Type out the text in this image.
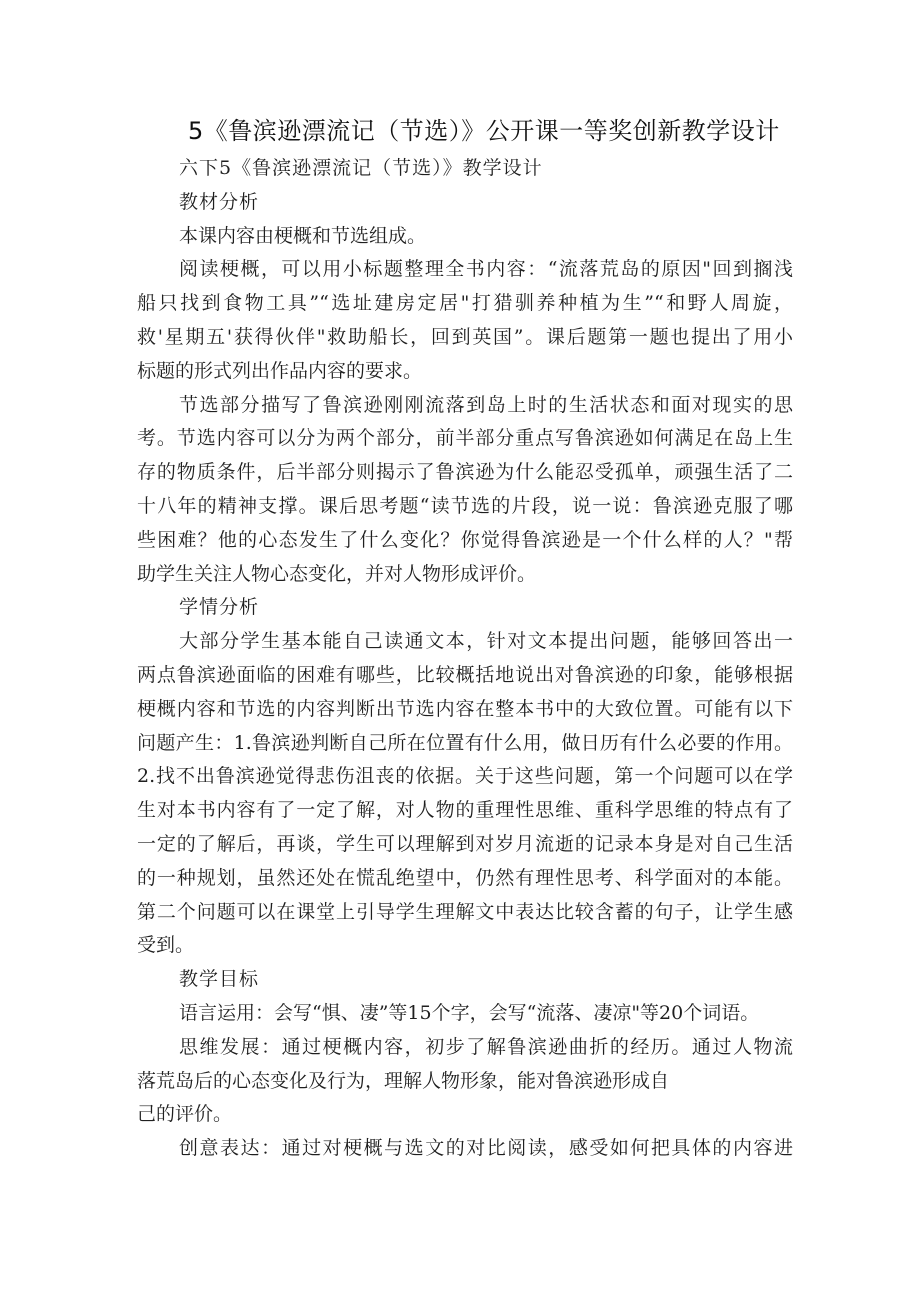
5《鲁滨逊漂流记（节选）》公开课一等奖创新教学设计
六下5《鲁滨逊漂流记（节选）》教学设计
教材分析
本课内容由梗概和节选组成。
阅读梗概，可以用小标题整理全书内容：“流落荒岛的原因"回到搁浅
船只找到食物工具”“选址建房定居"打猎驯养种植为生”“和野人周旋，
救'星期五'获得伙伴"救助船长，回到英国”。课后题第一题也提出了用小
标题的形式列出作品内容的要求。
节选部分描写了鲁滨逊刚刚流落到岛上时的生活状态和面对现实的思
考。节选内容可以分为两个部分，前半部分重点写鲁滨逊如何满足在岛上生
存的物质条件，后半部分则揭示了鲁滨逊为什么能忍受孤单，顽强生活了二
十八年的精神支撑。课后思考题“读节选的片段，说一说：鲁滨逊克服了哪
些困难？他的心态发生了什么变化？你觉得鲁滨逊是一个什么样的人？"帮
助学生关注人物心态变化，并对人物形成评价。
学情分析
大部分学生基本能自己读通文本，针对文本提出问题，能够回答出一
两点鲁滨逊面临的困难有哪些，比较概括地说出对鲁滨逊的印象，能够根据
梗概内容和节选的内容判断出节选内容在整本书中的大致位置。可能有以下
问题产生：1.鲁滨逊判断自己所在位置有什么用，做日历有什么必要的作用。
2.找不出鲁滨逊觉得悲伤沮丧的依据。关于这些问题，第一个问题可以在学
生对本书内容有了一定了解，对人物的重理性思维、重科学思维的特点有了
一定的了解后，再谈，学生可以理解到对岁月流逝的记录本身是对自己生活
的一种规划，虽然还处在慌乱绝望中，仍然有理性思考、科学面对的本能。
第二个问题可以在课堂上引导学生理解文中表达比较含蓄的句子，让学生感
受到。
教学目标
语言运用：会写“惧、凄”等15个字，会写“流落、凄凉"等20个词语。
思维发展：通过梗概内容，初步了解鲁滨逊曲折的经历。通过人物流
落荒岛后的心态变化及行为，理解人物形象，能对鲁滨逊形成自
己的评价。
创意表达：通过对梗概与选文的对比阅读，感受如何把具体的内容进
